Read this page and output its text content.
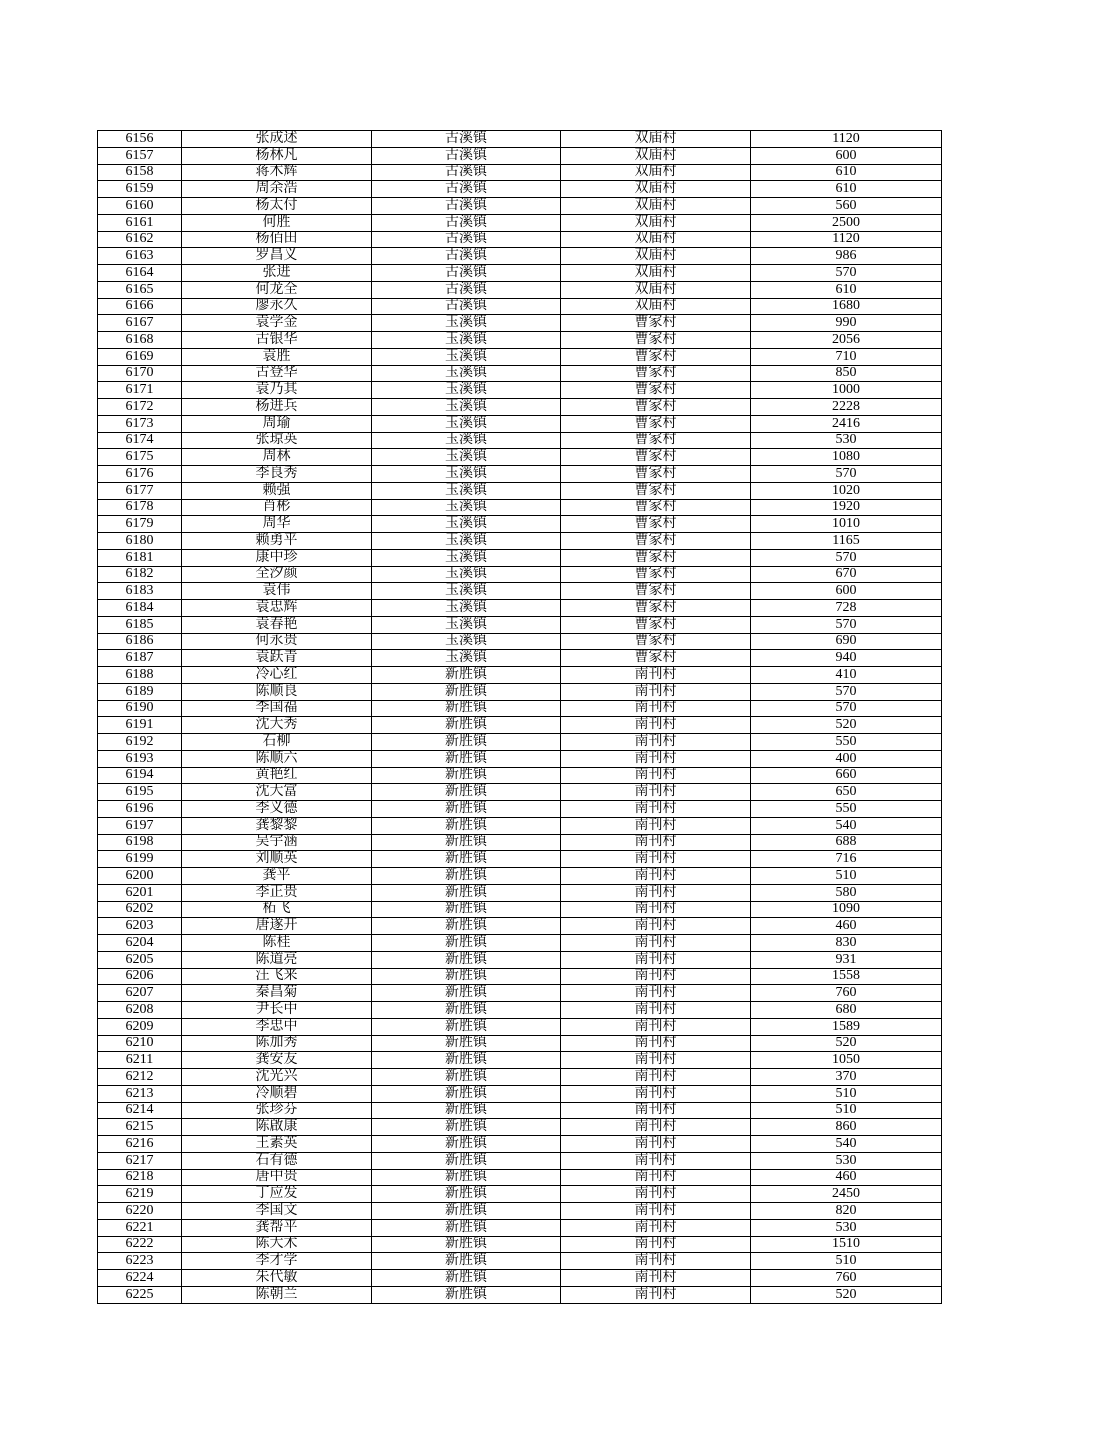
6156	张成述	古溪镇	双庙村	1120
6157	杨林凡	古溪镇	双庙村	600
6158	蒋木辉	古溪镇	双庙村	610
6159	周余浩	古溪镇	双庙村	610
6160	杨太付	古溪镇	双庙村	560
6161	何胜	古溪镇	双庙村	2500
6162	杨佰田	古溪镇	双庙村	1120
6163	罗昌义	古溪镇	双庙村	986
6164	张进	古溪镇	双庙村	570
6165	何龙全	古溪镇	双庙村	610
6166	廖永久	古溪镇	双庙村	1680
6167	袁学金	玉溪镇	曹家村	990
6168	古银华	玉溪镇	曹家村	2056
6169	袁胜	玉溪镇	曹家村	710
6170	古登华	玉溪镇	曹家村	850
6171	袁乃其	玉溪镇	曹家村	1000
6172	杨进兵	玉溪镇	曹家村	2228
6173	周瑜	玉溪镇	曹家村	2416
6174	张琼英	玉溪镇	曹家村	530
6175	周林	玉溪镇	曹家村	1080
6176	李良秀	玉溪镇	曹家村	570
6177	赖强	玉溪镇	曹家村	1020
6178	肖彬	玉溪镇	曹家村	1920
6179	周华	玉溪镇	曹家村	1010
6180	赖勇平	玉溪镇	曹家村	1165
6181	康中珍	玉溪镇	曹家村	570
6182	全汐颜	玉溪镇	曹家村	670
6183	袁伟	玉溪镇	曹家村	600
6184	袁忠辉	玉溪镇	曹家村	728
6185	袁春艳	玉溪镇	曹家村	570
6186	何永贵	玉溪镇	曹家村	690
6187	袁跃青	玉溪镇	曹家村	940
6188	冷心红	新胜镇	南刊村	410
6189	陈顺良	新胜镇	南刊村	570
6190	李国福	新胜镇	南刊村	570
6191	沈大秀	新胜镇	南刊村	520
6192	石柳	新胜镇	南刊村	550
6193	陈顺六	新胜镇	南刊村	400
6194	黄艳红	新胜镇	南刊村	660
6195	沈大富	新胜镇	南刊村	650
6196	李义德	新胜镇	南刊村	550
6197	龚黎黎	新胜镇	南刊村	540
6198	吴宇涵	新胜镇	南刊村	688
6199	刘顺英	新胜镇	南刊村	716
6200	龚平	新胜镇	南刊村	510
6201	李正贵	新胜镇	南刊村	580
6202	柘飞	新胜镇	南刊村	1090
6203	唐遂开	新胜镇	南刊村	460
6204	陈桂	新胜镇	南刊村	830
6205	陈道亮	新胜镇	南刊村	931
6206	汪飞来	新胜镇	南刊村	1558
6207	秦昌菊	新胜镇	南刊村	760
6208	尹长中	新胜镇	南刊村	680
6209	李忠中	新胜镇	南刊村	1589
6210	陈加秀	新胜镇	南刊村	520
6211	龚安友	新胜镇	南刊村	1050
6212	沈光兴	新胜镇	南刊村	370
6213	冷顺碧	新胜镇	南刊村	510
6214	张珍芬	新胜镇	南刊村	510
6215	陈啟康	新胜镇	南刊村	860
6216	王素英	新胜镇	南刊村	540
6217	石有德	新胜镇	南刊村	530
6218	唐中贵	新胜镇	南刊村	460
6219	丁应发	新胜镇	南刊村	2450
6220	李国文	新胜镇	南刊村	820
6221	龚帮平	新胜镇	南刊村	530
6222	陈大术	新胜镇	南刊村	1510
6223	李才学	新胜镇	南刊村	510
6224	朱代敏	新胜镇	南刊村	760
6225	陈朝兰	新胜镇	南刊村	520
